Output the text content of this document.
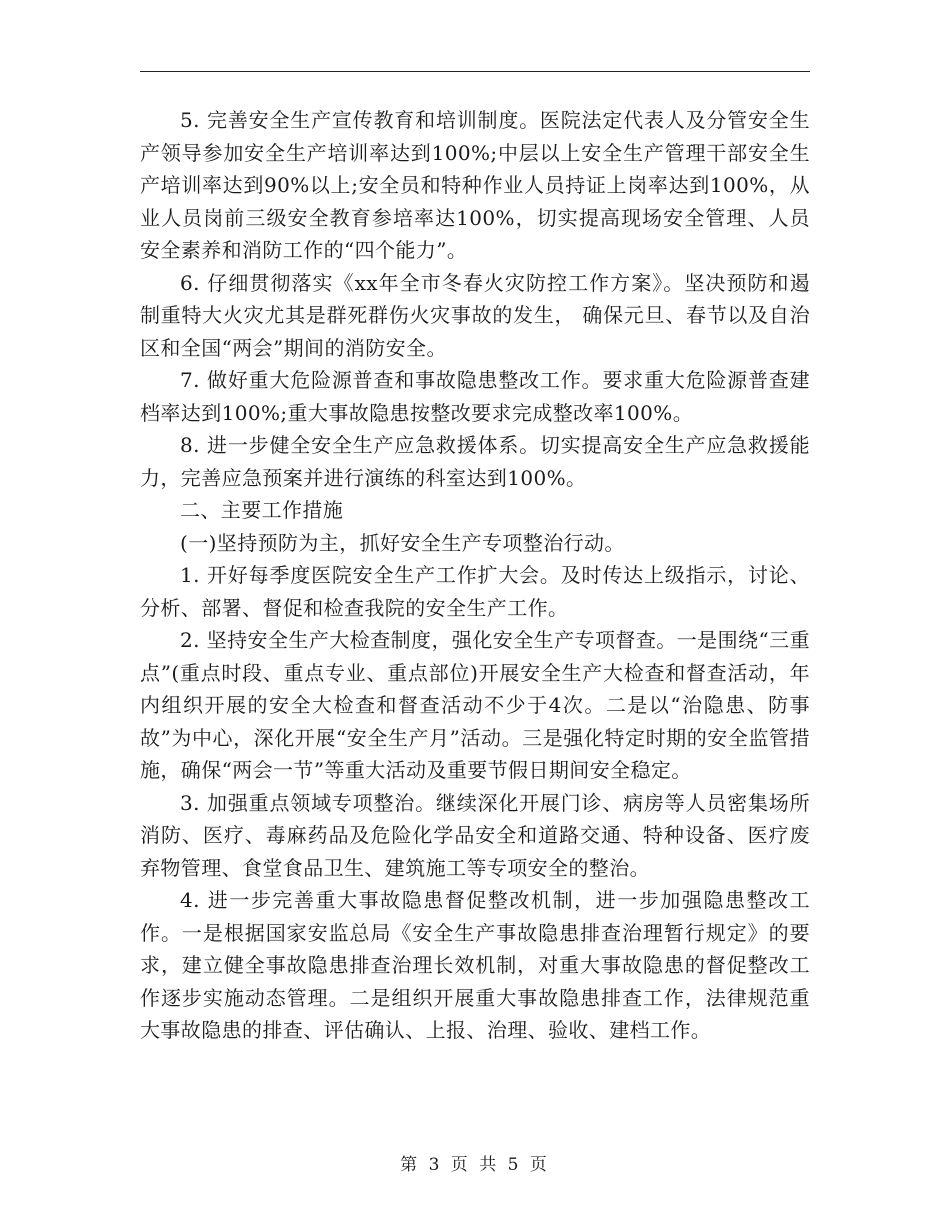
5. 完善安全生产宣传教育和培训制度。医院法定代表人及分管安全生产领导参加安全生产培训率达到100%;中层以上安全生产管理干部安全生产培训率达到90%以上;安全员和特种作业人员持证上岗率达到100%，从业人员岗前三级安全教育参培率达100%，切实提高现场安全管理、人员安全素养和消防工作的“四个能力”。

6. 仔细贯彻落实《xx年全市冬春火灾防控工作方案》。坚决预防和遏制重特大火灾尤其是群死群伤火灾事故的发生， 确保元旦、春节以及自治区和全国“两会”期间的消防安全。

7. 做好重大危险源普查和事故隐患整改工作。要求重大危险源普查建档率达到100%;重大事故隐患按整改要求完成整改率100%。

8. 进一步健全安全生产应急救援体系。切实提高安全生产应急救援能力，完善应急预案并进行演练的科室达到100%。

二、主要工作措施

(一)坚持预防为主，抓好安全生产专项整治行动。

1. 开好每季度医院安全生产工作扩大会。及时传达上级指示，讨论、分析、部署、督促和检查我院的安全生产工作。

2. 坚持安全生产大检查制度，强化安全生产专项督查。一是围绕“三重点”(重点时段、重点专业、重点部位)开展安全生产大检查和督查活动，年内组织开展的安全大检查和督查活动不少于4次。二是以“治隐患、防事故”为中心，深化开展“安全生产月”活动。三是强化特定时期的安全监管措施，确保“两会一节”等重大活动及重要节假日期间安全稳定。

3. 加强重点领域专项整治。继续深化开展门诊、病房等人员密集场所消防、医疗、毒麻药品及危险化学品安全和道路交通、特种设备、医疗废弃物管理、食堂食品卫生、建筑施工等专项安全的整治。

4. 进一步完善重大事故隐患督促整改机制，进一步加强隐患整改工作。一是根据国家安监总局《安全生产事故隐患排查治理暂行规定》的要求，建立健全事故隐患排查治理长效机制，对重大事故隐患的督促整改工作逐步实施动态管理。二是组织开展重大事故隐患排查工作，法律规范重大事故隐患的排查、评估确认、上报、治理、验收、建档工作。

第 3 页 共 5 页
